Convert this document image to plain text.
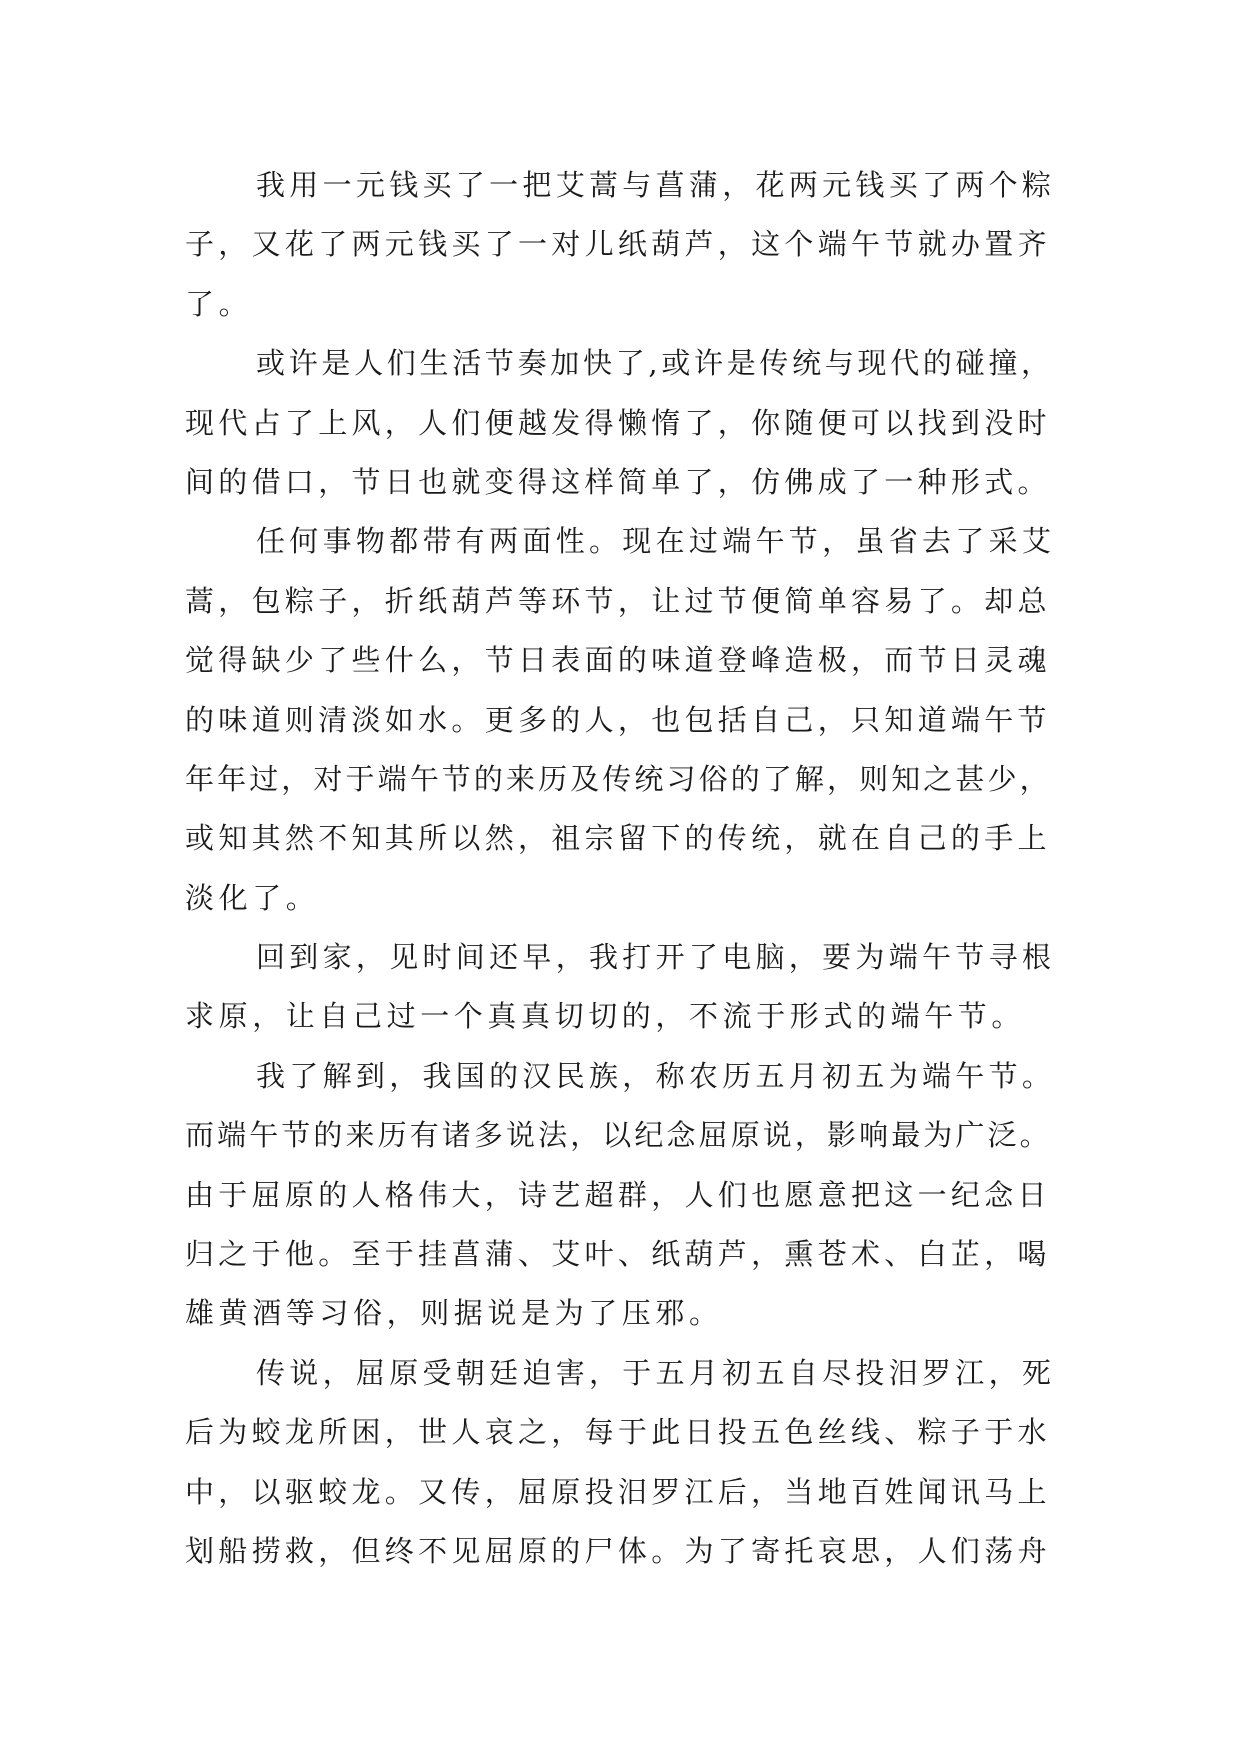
我用一元钱买了一把艾蒿与菖蒲，花两元钱买了两个粽

子，又花了两元钱买了一对儿纸葫芦，这个端午节就办置齐

了。

或许是人们生活节奏加快了,或许是传统与现代的碰撞，

现代占了上风，人们便越发得懒惰了，你随便可以找到没时

间的借口，节日也就变得这样简单了，仿佛成了一种形式。

任何事物都带有两面性。现在过端午节，虽省去了采艾

蒿，包粽子，折纸葫芦等环节，让过节便简单容易了。却总

觉得缺少了些什么，节日表面的味道登峰造极，而节日灵魂

的味道则清淡如水。更多的人，也包括自己，只知道端午节

年年过，对于端午节的来历及传统习俗的了解，则知之甚少，

或知其然不知其所以然，祖宗留下的传统，就在自己的手上

淡化了。

回到家，见时间还早，我打开了电脑，要为端午节寻根

求原，让自己过一个真真切切的，不流于形式的端午节。

我了解到，我国的汉民族，称农历五月初五为端午节。

而端午节的来历有诸多说法，以纪念屈原说，影响最为广泛。

由于屈原的人格伟大，诗艺超群，人们也愿意把这一纪念日

归之于他。至于挂菖蒲、艾叶、纸葫芦，熏苍术、白芷，喝

雄黄酒等习俗，则据说是为了压邪。

传说，屈原受朝廷迫害，于五月初五自尽投汨罗江，死

后为蛟龙所困，世人哀之，每于此日投五色丝线、粽子于水

中，以驱蛟龙。又传，屈原投汨罗江后，当地百姓闻讯马上

划船捞救，但终不见屈原的尸体。为了寄托哀思，人们荡舟
